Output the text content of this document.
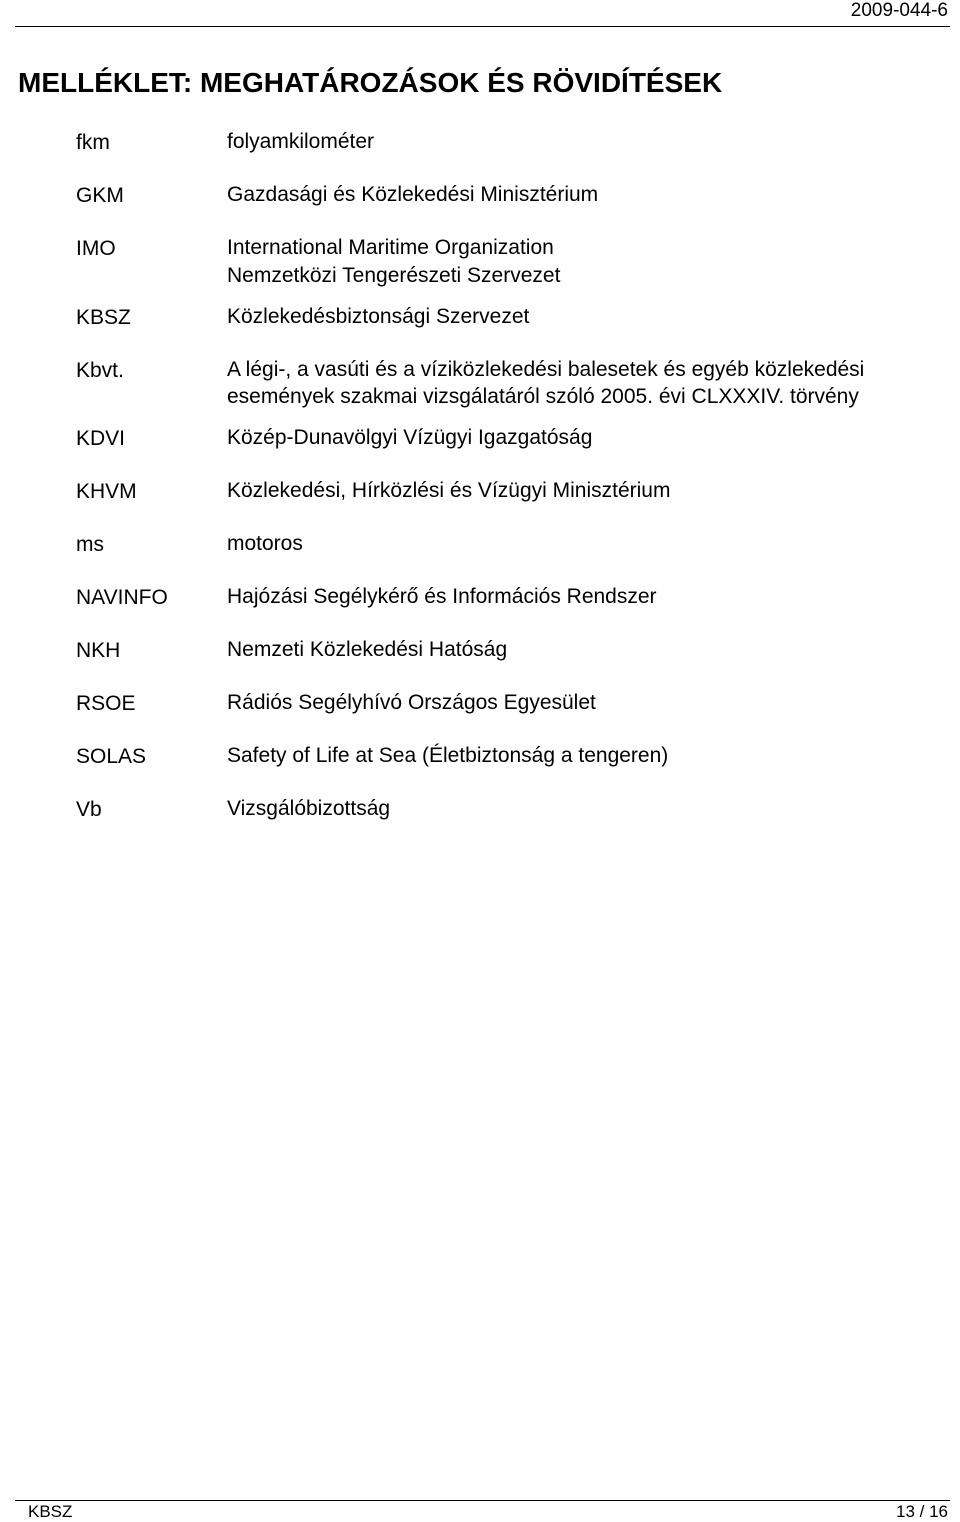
2009-044-6
MELLÉKLET: MEGHATÁROZÁSOK ÉS RÖVIDÍTÉSEK
fkm	folyamkilométer
GKM	Gazdasági és Közlekedési Minisztérium
IMO	International Maritime Organization
Nemzetközi Tengerészeti Szervezet
KBSZ	Közlekedésbiztonsági Szervezet
Kbvt.	A légi-, a vasúti és a víziközlekedési balesetek és egyéb közlekedési
események szakmai vizsgálatáról szóló 2005. évi CLXXXIV. törvény
KDVI	Közép-Dunavölgyi Vízügyi Igazgatóság
KHVM	Közlekedési, Hírközlési és Vízügyi Minisztérium
ms	motoros
NAVINFO	Hajózási Segélykérő és Információs Rendszer
NKH	Nemzeti Közlekedési Hatóság
RSOE	Rádiós Segélyhívó Országos Egyesület
SOLAS	Safety of Life at Sea (Életbiztonság a tengeren)
Vb	Vizsgálóbizottság
KBSZ	13 / 16
